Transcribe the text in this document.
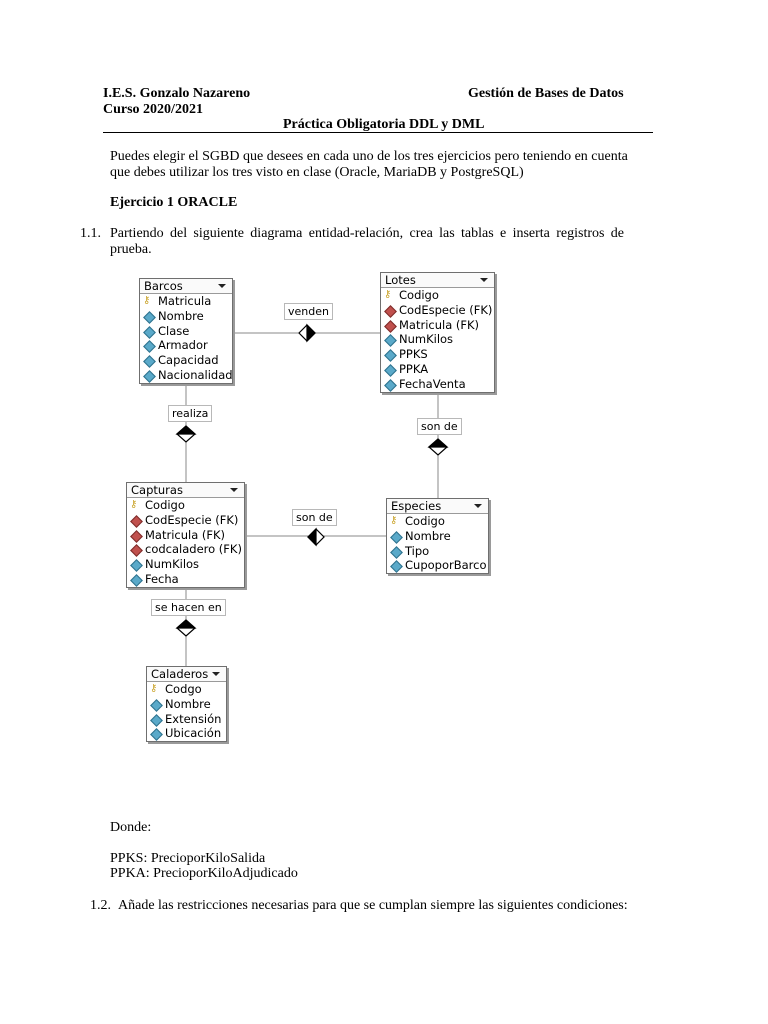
I.E.S. Gonzalo Nazareno	Gestión de Bases de Datos
Curso 2020/2021
Práctica Obligatoria DDL y DML
Puedes elegir el SGBD que desees en cada uno de los tres ejercicios pero teniendo en cuenta que debes utilizar los tres visto en clase (Oracle, MariaDB y PostgreSQL)
Ejercicio 1 ORACLE
1.1. Partiendo del siguiente diagrama entidad-relación, crea las tablas e inserta registros de prueba.
venden
realiza
son de
son de
se hacen en
Barcos
⚷ Matricula
Nombre
Clase
Armador
Capacidad
Nacionalidad
Lotes
⚷ Codigo
CodEspecie (FK)
Matricula (FK)
NumKilos
PPKS
PPKA
FechaVenta
Capturas
⚷ Codigo
CodEspecie (FK)
Matricula (FK)
codcaladero (FK)
NumKilos
Fecha
Especies
⚷ Codigo
Nombre
Tipo
CupoporBarco
Caladeros
⚷ Codgo
Nombre
Extensión
Ubicación
Donde:
PPKS: PrecioporKiloSalida
PPKA: PrecioporKiloAdjudicado
1.2. Añade las restricciones necesarias para que se cumplan siempre las siguientes condiciones:
